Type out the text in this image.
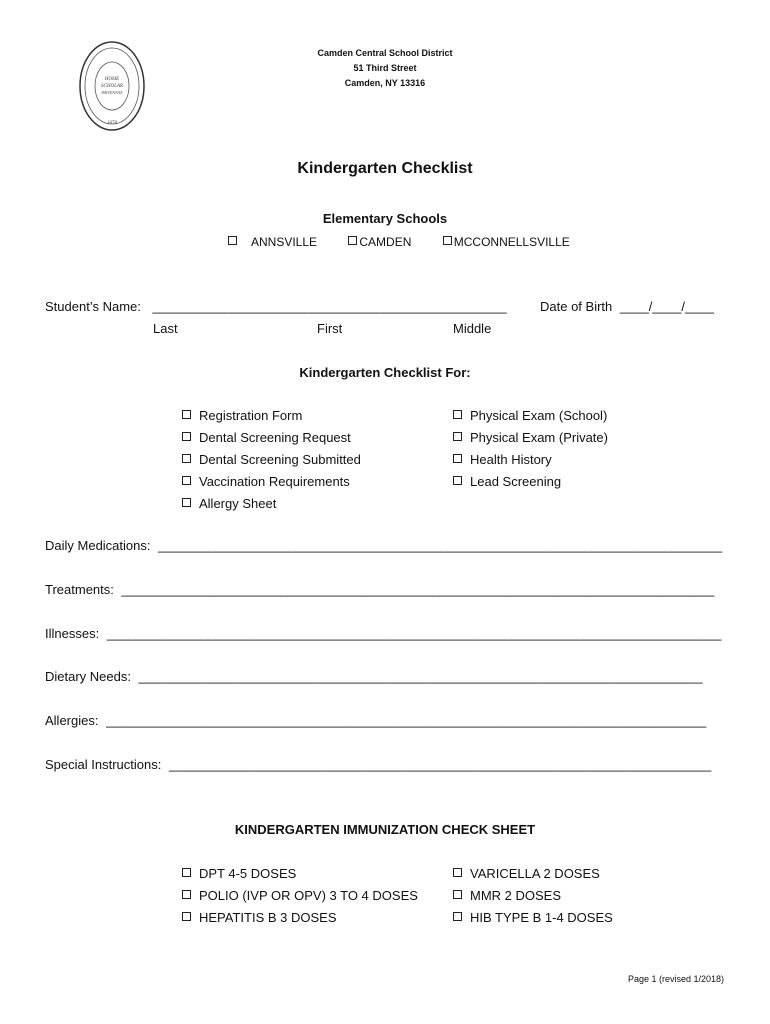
HOME
SCHOLAR
ISHVENNAE
1878
Camden Central School District
51 Third Street
Camden, NY 13316
Kindergarten Checklist
Elementary Schools
ANNSVILLE	CAMDEN	MCCONNELLSVILLE
Student’s Name: _________________________________________________	Date of Birth ____/____/____
Last	First	Middle
Kindergarten Checklist For:
Registration Form
Dental Screening Request
Dental Screening Submitted
Vaccination Requirements
Allergy Sheet
Physical Exam (School)
Physical Exam (Private)
Health History
Lead Screening
Daily Medications: ______________________________________________________________________________
Treatments: __________________________________________________________________________________
Illnesses: _____________________________________________________________________________________
Dietary Needs: ______________________________________________________________________________
Allergies: ___________________________________________________________________________________
Special Instructions: ___________________________________________________________________________
KINDERGARTEN IMMUNIZATION CHECK SHEET
DPT 4-5 DOSES
POLIO (IVP OR OPV) 3 TO 4 DOSES
HEPATITIS B 3 DOSES
VARICELLA 2 DOSES
MMR 2 DOSES
HIB TYPE B 1-4 DOSES
Page 1 (revised 1/2018)
